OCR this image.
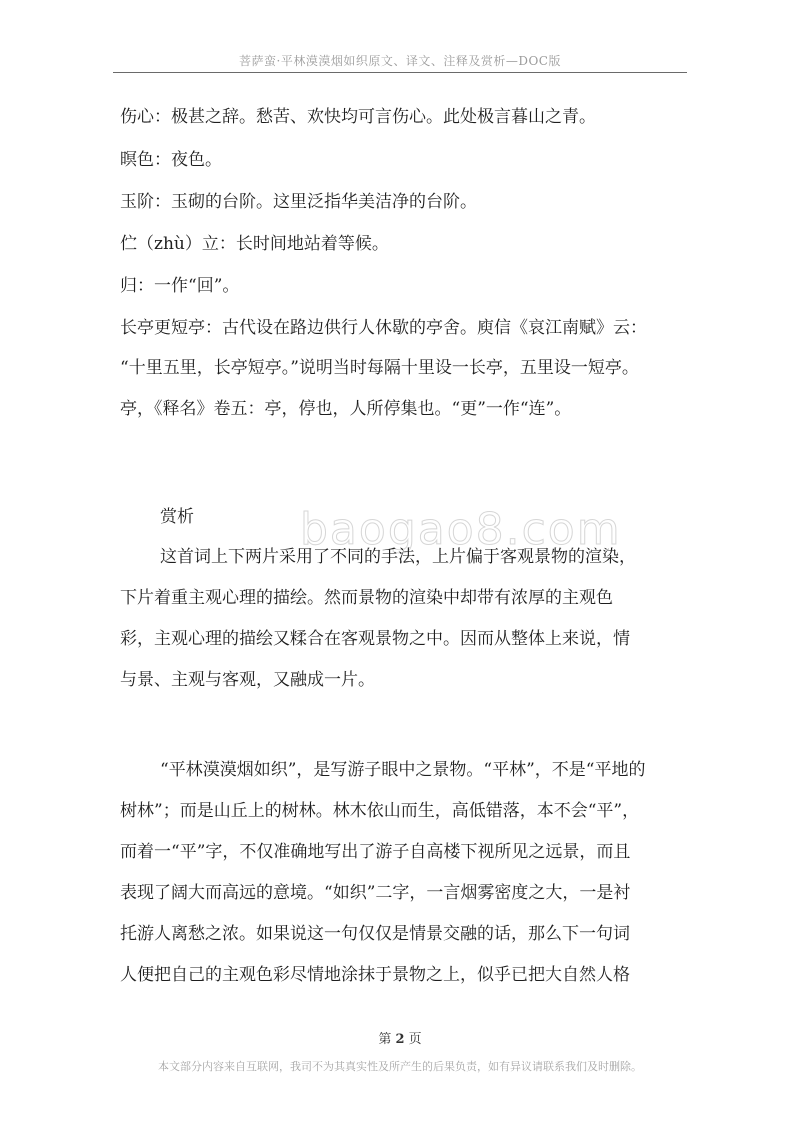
菩萨蛮·平林漠漠烟如织原文、译文、注释及赏析—DOC版
伤心：极甚之辞。愁苦、欢快均可言伤心。此处极言暮山之青。
暝色：夜色。
玉阶：玉砌的台阶。这里泛指华美洁净的台阶。
伫（zhù）立：长时间地站着等候。
归：一作“回”。
长亭更短亭：古代设在路边供行人休歇的亭舍。庾信《哀江南赋》云：
“十里五里，长亭短亭。”说明当时每隔十里设一长亭，五里设一短亭。
亭，《释名》卷五：亭，停也，人所停集也。“更”一作“连”。
baogao8.com
赏析
这首词上下两片采用了不同的手法，上片偏于客观景物的渲染，
下片着重主观心理的描绘。然而景物的渲染中却带有浓厚的主观色
彩，主观心理的描绘又糅合在客观景物之中。因而从整体上来说，情
与景、主观与客观，又融成一片。
“平林漠漠烟如织”，是写游子眼中之景物。“平林”，不是“平地的
树林”；而是山丘上的树林。林木依山而生，高低错落，本不会“平”，
而着一“平”字，不仅准确地写出了游子自高楼下视所见之远景，而且
表现了阔大而高远的意境。“如织”二字，一言烟雾密度之大，一是衬
托游人离愁之浓。如果说这一句仅仅是情景交融的话，那么下一句词
人便把自己的主观色彩尽情地涂抹于景物之上，似乎已把大自然人格
第 2 页
本文部分内容来自互联网，我司不为其真实性及所产生的后果负责，如有异议请联系我们及时删除。
